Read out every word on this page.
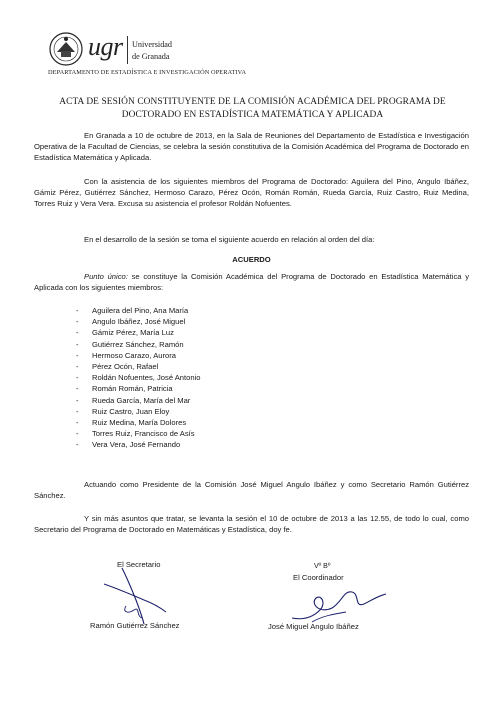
ugr Universidad
de Granada
DEPARTAMENTO DE ESTADÍSTICA E INVESTIGACIÓN OPERATIVA
ACTA DE SESIÓN CONSTITUYENTE DE LA COMISIÓN ACADÉMICA DEL PROGRAMA DE
DOCTORADO EN ESTADÍSTICA MATEMÁTICA Y APLICADA
En Granada a 10 de octubre de 2013, en la Sala de Reuniones del Departamento de Estadística e Investigación Operativa de la Facultad de Ciencias, se celebra la sesión constitutiva de la Comisión Académica del Programa de Doctorado en Estadística Matemática y Aplicada.
Con la asistencia de los siguientes miembros del Programa de Doctorado: Aguilera del Pino, Angulo Ibáñez, Gámiz Pérez, Gutiérrez Sánchez, Hermoso Carazo, Pérez Ocón, Román Román, Rueda García, Ruiz Castro, Ruiz Medina, Torres Ruiz y Vera Vera. Excusa su asistencia el profesor Roldán Nofuentes.
En el desarrollo de la sesión se toma el siguiente acuerdo en relación al orden del día:
ACUERDO
Punto único: se constituye la Comisión Académica del Programa de Doctorado en Estadística Matemática y Aplicada con los siguientes miembros:
- Aguilera del Pino, Ana María
- Angulo Ibáñez, José Miguel
- Gámiz Pérez, María Luz
- Gutiérrez Sánchez, Ramón
- Hermoso Carazo, Aurora
- Pérez Ocón, Rafael
- Roldán Nofuentes, José Antonio
- Román Román, Patricia
- Rueda García, María del Mar
- Ruiz Castro, Juan Eloy
- Ruiz Medina, María Dolores
- Torres Ruiz, Francisco de Asís
- Vera Vera, José Fernando
Actuando como Presidente de la Comisión José Miguel Angulo Ibáñez y como Secretario Ramón Gutiérrez Sánchez.
Y sin más asuntos que tratar, se levanta la sesión el 10 de octubre de 2013 a las 12.55, de todo lo cual, como Secretario del Programa de Doctorado en Matemáticas y Estadística, doy fe.
El Secretario
Ramón Gutiérrez Sánchez
Vº Bº
El Coordinador
José Miguel Angulo Ibáñez
